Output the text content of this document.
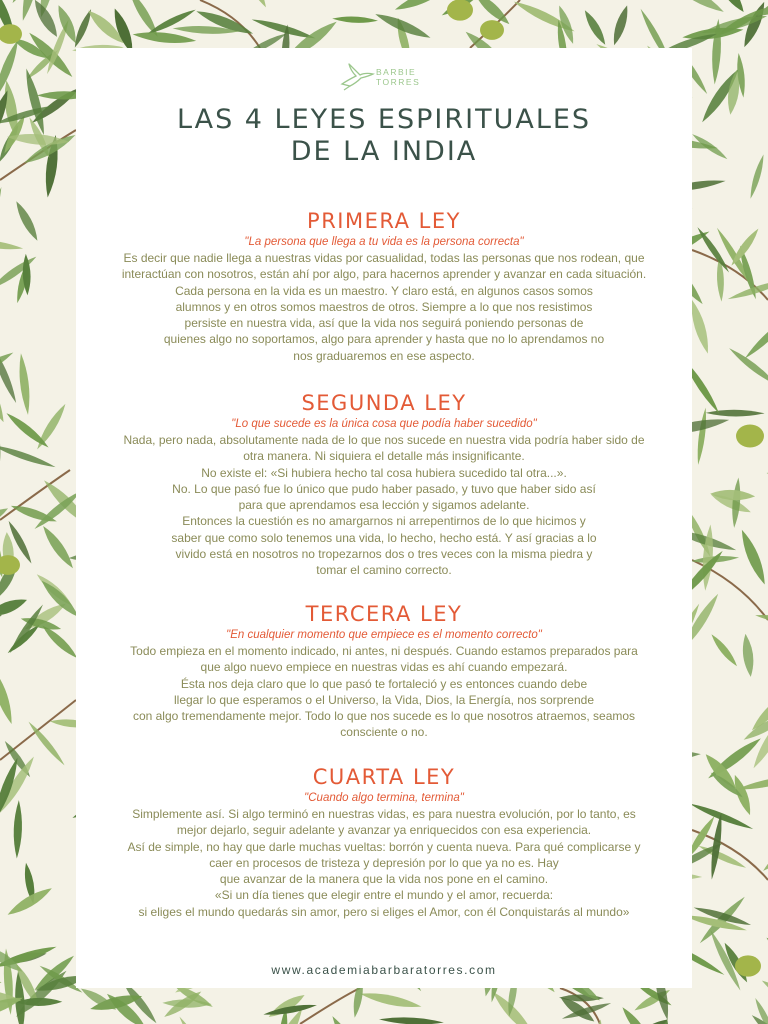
BARBIE
TORRES
LAS 4 LEYES ESPIRITUALES
DE LA INDIA
PRIMERA LEY
"La persona que llega a tu vida es la persona correcta"
Es decir que nadie llega a nuestras vidas por casualidad, todas las personas que nos rodean, que
interactúan con nosotros, están ahí por algo, para hacernos aprender y avanzar en cada situación.
Cada persona en la vida es un maestro. Y claro está, en algunos casos somos
alumnos y en otros somos maestros de otros. Siempre a lo que nos resistimos
persiste en nuestra vida, así que la vida nos seguirá poniendo personas de
quienes algo no soportamos, algo para aprender y hasta que no lo aprendamos no
nos graduaremos en ese aspecto.
SEGUNDA LEY
"Lo que sucede es la única cosa que podía haber sucedido"
Nada, pero nada, absolutamente nada de lo que nos sucede en nuestra vida podría haber sido de
otra manera. Ni siquiera el detalle más insignificante.
No existe el: «Si hubiera hecho tal cosa hubiera sucedido tal otra...».
No. Lo que pasó fue lo único que pudo haber pasado, y tuvo que haber sido así
para que aprendamos esa lección y sigamos adelante.
Entonces la cuestión es no amargarnos ni arrepentirnos de lo que hicimos y
saber que como solo tenemos una vida, lo hecho, hecho está. Y así gracias a lo
vivido está en nosotros no tropezarnos dos o tres veces con la misma piedra y
tomar el camino correcto.
TERCERA LEY
"En cualquier momento que empiece es el momento correcto"
Todo empieza en el momento indicado, ni antes, ni después. Cuando estamos preparados para
que algo nuevo empiece en nuestras vidas es ahí cuando empezará.
Ésta nos deja claro que lo que pasó te fortaleció y es entonces cuando debe
llegar lo que esperamos o el Universo, la Vida, Dios, la Energía, nos sorprende
con algo tremendamente mejor. Todo lo que nos sucede es lo que nosotros atraemos, seamos
consciente o no.
CUARTA LEY
"Cuando algo termina, termina"
Simplemente así. Si algo terminó en nuestras vidas, es para nuestra evolución, por lo tanto, es
mejor dejarlo, seguir adelante y avanzar ya enriquecidos con esa experiencia.
Así de simple, no hay que darle muchas vueltas: borrón y cuenta nueva. Para qué complicarse y
caer en procesos de tristeza y depresión por lo que ya no es. Hay
que avanzar de la manera que la vida nos pone en el camino.
«Si un día tienes que elegir entre el mundo y el amor, recuerda:
si eliges el mundo quedarás sin amor, pero si eliges el Amor, con él Conquistarás al mundo»
www.academiabarbaratorres.com
